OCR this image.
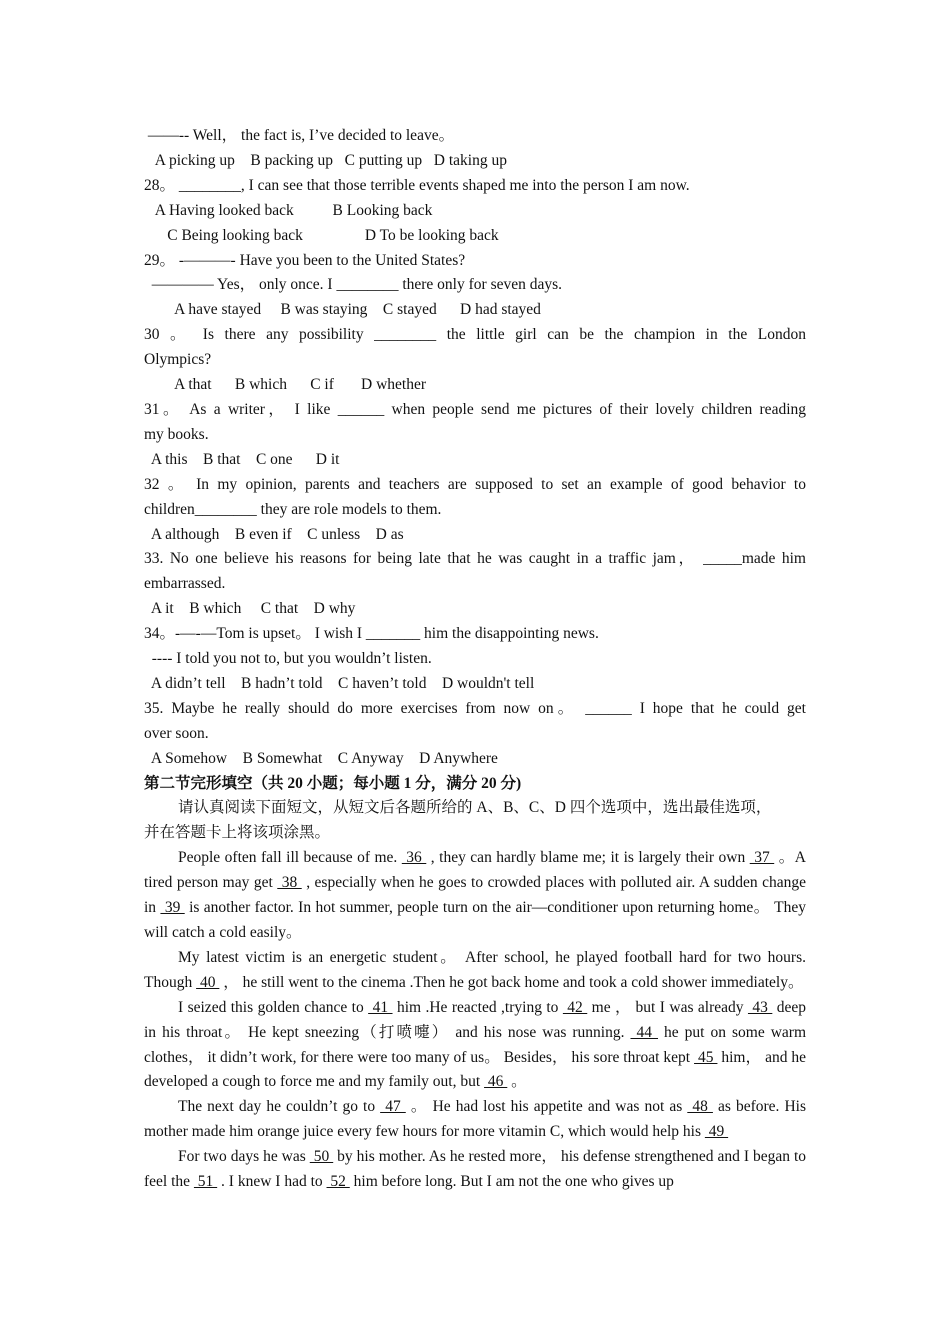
——-- Well， the fact is, I’ve decided to leave。
A picking up    B packing up   C putting up   D taking up
28。 ________, I can see that those terrible events shaped me into the person I am now.
A Having looked back          B Looking back
C Being looking back                D To be looking back
29。 -———- Have you been to the United States?
———— Yes， only once. I ________ there only for seven days.
A have stayed     B was staying    C stayed      D had stayed
30 。 Is there any possibility ________ the little girl can be the champion in the London
Olympics?
A that      B which      C if       D whether
31。 As a writer， I like ______ when people send me pictures of their lovely children reading
my books.
A this    B that    C one      D it
32 。 In my opinion, parents and teachers are supposed to set an example of good behavior to
children________ they are role models to them.
A although    B even if    C unless    D as
33. No one believe his reasons for being late that he was caught in a traffic jam， _____made him
embarrassed.
A it    B which     C that    D why
34。-—-—Tom is upset。 I wish I _______ him the disappointing news.
---- I told you not to, but you wouldn’t listen.
A didn’t tell    B hadn’t told    C haven’t told    D wouldn't tell
35. Maybe he really should do more exercises from now on。 ______ I hope that he could get
over soon.
A Somehow    B Somewhat    C Anyway    D Anywhere
第二节完形填空（共 20 小题；每小题 1 分，满分 20 分)
请认真阅读下面短文，从短文后各题所给的 A、B、C、D 四个选项中，选出最佳选项，
并在答题卡上将该项涂黑。
People often fall ill because of me.  36  , they can hardly blame me; it is largely their own  37  。A tired person may get  38  , especially when he goes to crowded places with polluted air. A sudden change in  39  is another factor. In hot summer, people turn on the air—conditioner upon returning home。 They will catch a cold easily。
My latest victim is an energetic student。 After school, he played football hard for two hours. Though  40  ， he still went to the cinema .Then he got back home and took a cold shower immediately。
I seized this golden chance to  41  him .He reacted ,trying to  42  me ， but I was already  43  deep in his throat。 He kept sneezing（打喷嚏） and his nose was running.  44  he put on some warm clothes， it didn’t work, for there were too many of us。 Besides， his sore throat kept  45  him， and he developed a cough to force me and my family out, but  46  。
The next day he couldn’t go to  47  。 He had lost his appetite and was not as  48  as before. His mother made him orange juice every few hours for more vitamin C, which would help his  49
For two days he was  50  by his mother. As he rested more， his defense strengthened and I began to feel the  51  . I knew I had to  52  him before long. But I am not the one who gives up
